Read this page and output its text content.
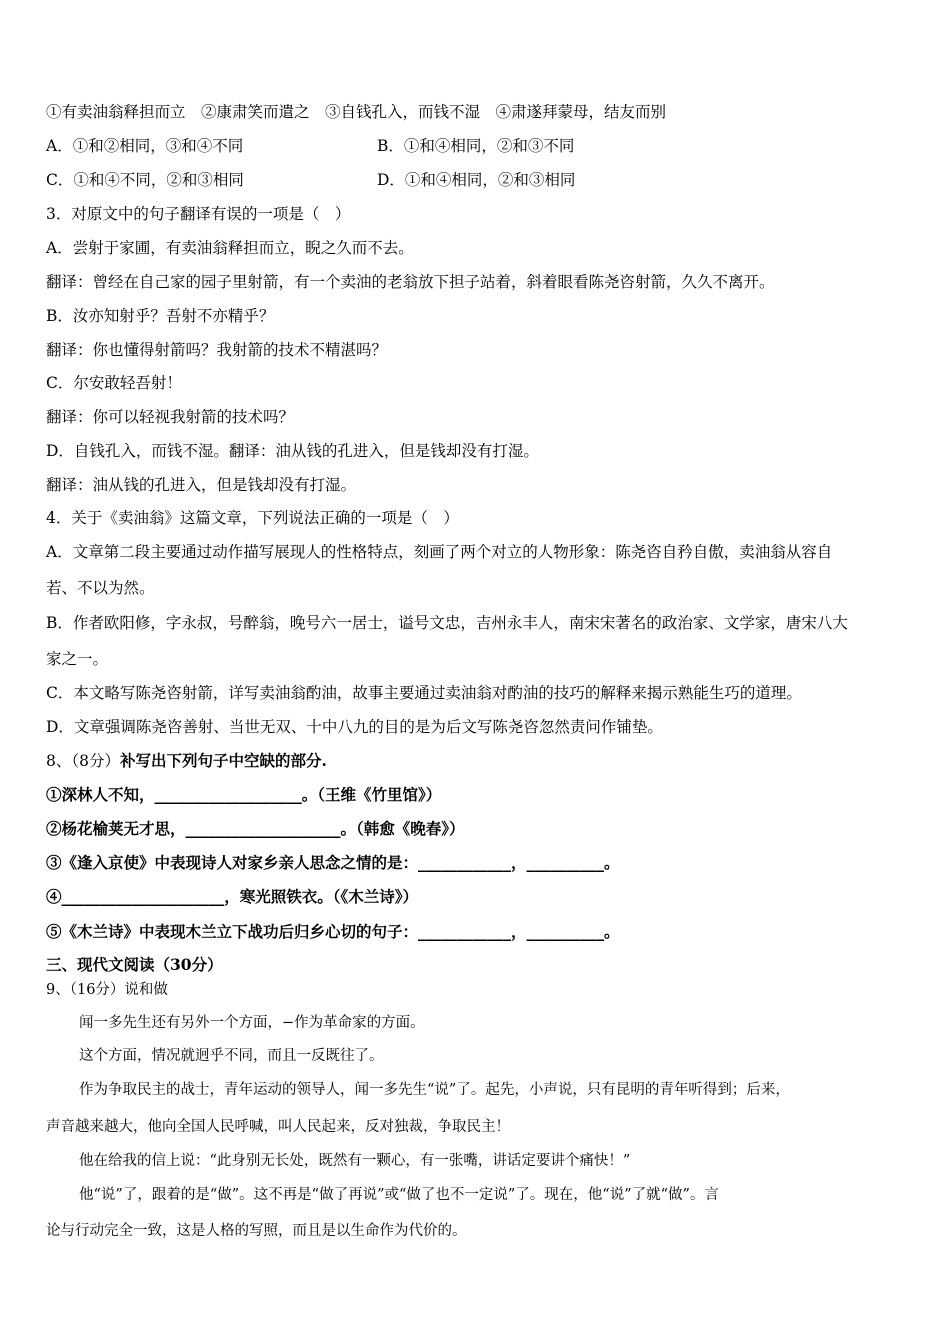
①有卖油翁释担而立　②康肃笑而遣之　③自钱孔入，而钱不湿　④肃遂拜蒙母，结友而别
A．①和②相同，③和④不同	B．①和④相同，②和③不同
C．①和④不同，②和③相同	D．①和④相同，②和③相同
3．对原文中的句子翻译有误的一项是（　）
A．尝射于家圃，有卖油翁释担而立，睨之久而不去。
翻译：曾经在自己家的园子里射箭，有一个卖油的老翁放下担子站着，斜着眼看陈尧咨射箭，久久不离开。
B．汝亦知射乎？吾射不亦精乎？
翻译：你也懂得射箭吗？我射箭的技术不精湛吗？
C．尔安敢轻吾射！
翻译：你可以轻视我射箭的技术吗？
D．自钱孔入，而钱不湿。翻译：油从钱的孔进入，但是钱却没有打湿。
翻译：油从钱的孔进入，但是钱却没有打湿。
4．关于《卖油翁》这篇文章，下列说法正确的一项是（　）
A．文章第二段主要通过动作描写展现人的性格特点，刻画了两个对立的人物形象：陈尧咨自矜自傲，卖油翁从容自
若、不以为然。
B．作者欧阳修，字永叔，号醉翁，晚号六一居士，谥号文忠，吉州永丰人，南宋宋著名的政治家、文学家，唐宋八大
家之一。
C．本文略写陈尧咨射箭，详写卖油翁酌油，故事主要通过卖油翁对酌油的技巧的解释来揭示熟能生巧的道理。
D．文章强调陈尧咨善射、当世无双、十中八九的目的是为后文写陈尧咨忽然责问作铺垫。
8、（8分）补写出下列句子中空缺的部分.
①深林人不知，___________________。（王维《竹里馆》）
②杨花榆荚无才思，____________________。（韩愈《晚春》）
③《逢入京使》中表现诗人对家乡亲人思念之情的是：____________，__________。
④_____________________，寒光照铁衣。（《木兰诗》）
⑤《木兰诗》中表现木兰立下战功后归乡心切的句子：____________，__________。
三、现代文阅读（30分）
9、（16分）说和做
闻一多先生还有另外一个方面，−作为革命家的方面。
这个方面，情况就迥乎不同，而且一反既往了。
作为争取民主的战士，青年运动的领导人，闻一多先生“说”了。起先，小声说，只有昆明的青年听得到；后来，
声音越来越大，他向全国人民呼喊，叫人民起来，反对独裁，争取民主！
他在给我的信上说：“此身别无长处，既然有一颗心，有一张嘴，讲话定要讲个痛快！”
他“说”了，跟着的是“做”。这不再是“做了再说”或“做了也不一定说”了。现在，他“说”了就“做”。言
论与行动完全一致，这是人格的写照，而且是以生命作为代价的。
